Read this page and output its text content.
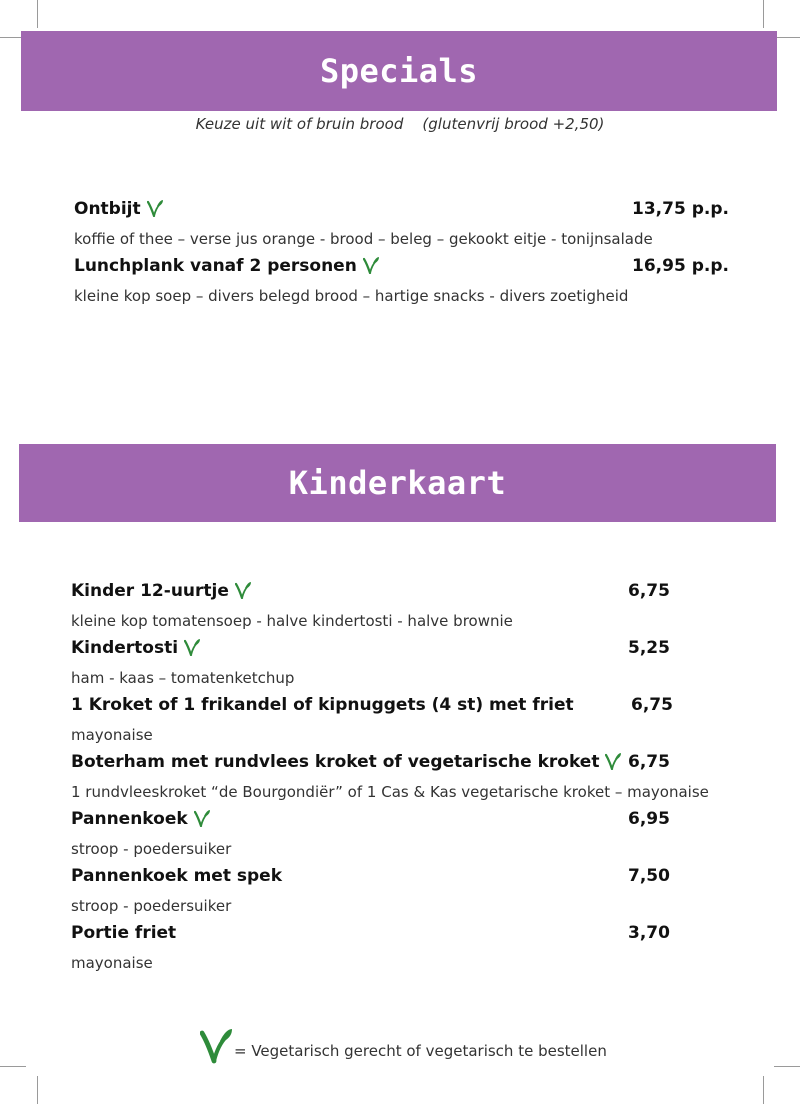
Specials
Keuze uit wit of bruin brood    (glutenvrij brood +2,50)
Ontbijt	13,75 p.p.
koffie of thee – verse jus orange - brood – beleg – gekookt eitje - tonijnsalade
Lunchplank vanaf 2 personen	16,95 p.p.
kleine kop soep – divers belegd brood – hartige snacks - divers zoetigheid
Kinderkaart
Kinder 12-uurtje	6,75
kleine kop tomatensoep - halve kindertosti - halve brownie
Kindertosti	5,25
ham - kaas – tomatenketchup
1 Kroket of 1 frikandel of kipnuggets (4 st) met friet	6,75
mayonaise
Boterham met rundvlees kroket of vegetarische kroket	6,75
1 rundvleeskroket “de Bourgondiër” of 1 Cas & Kas vegetarische kroket – mayonaise
Pannenkoek	6,95
stroop - poedersuiker
Pannenkoek met spek	7,50
stroop - poedersuiker
Portie friet	3,70
mayonaise
= Vegetarisch gerecht of vegetarisch te bestellen
